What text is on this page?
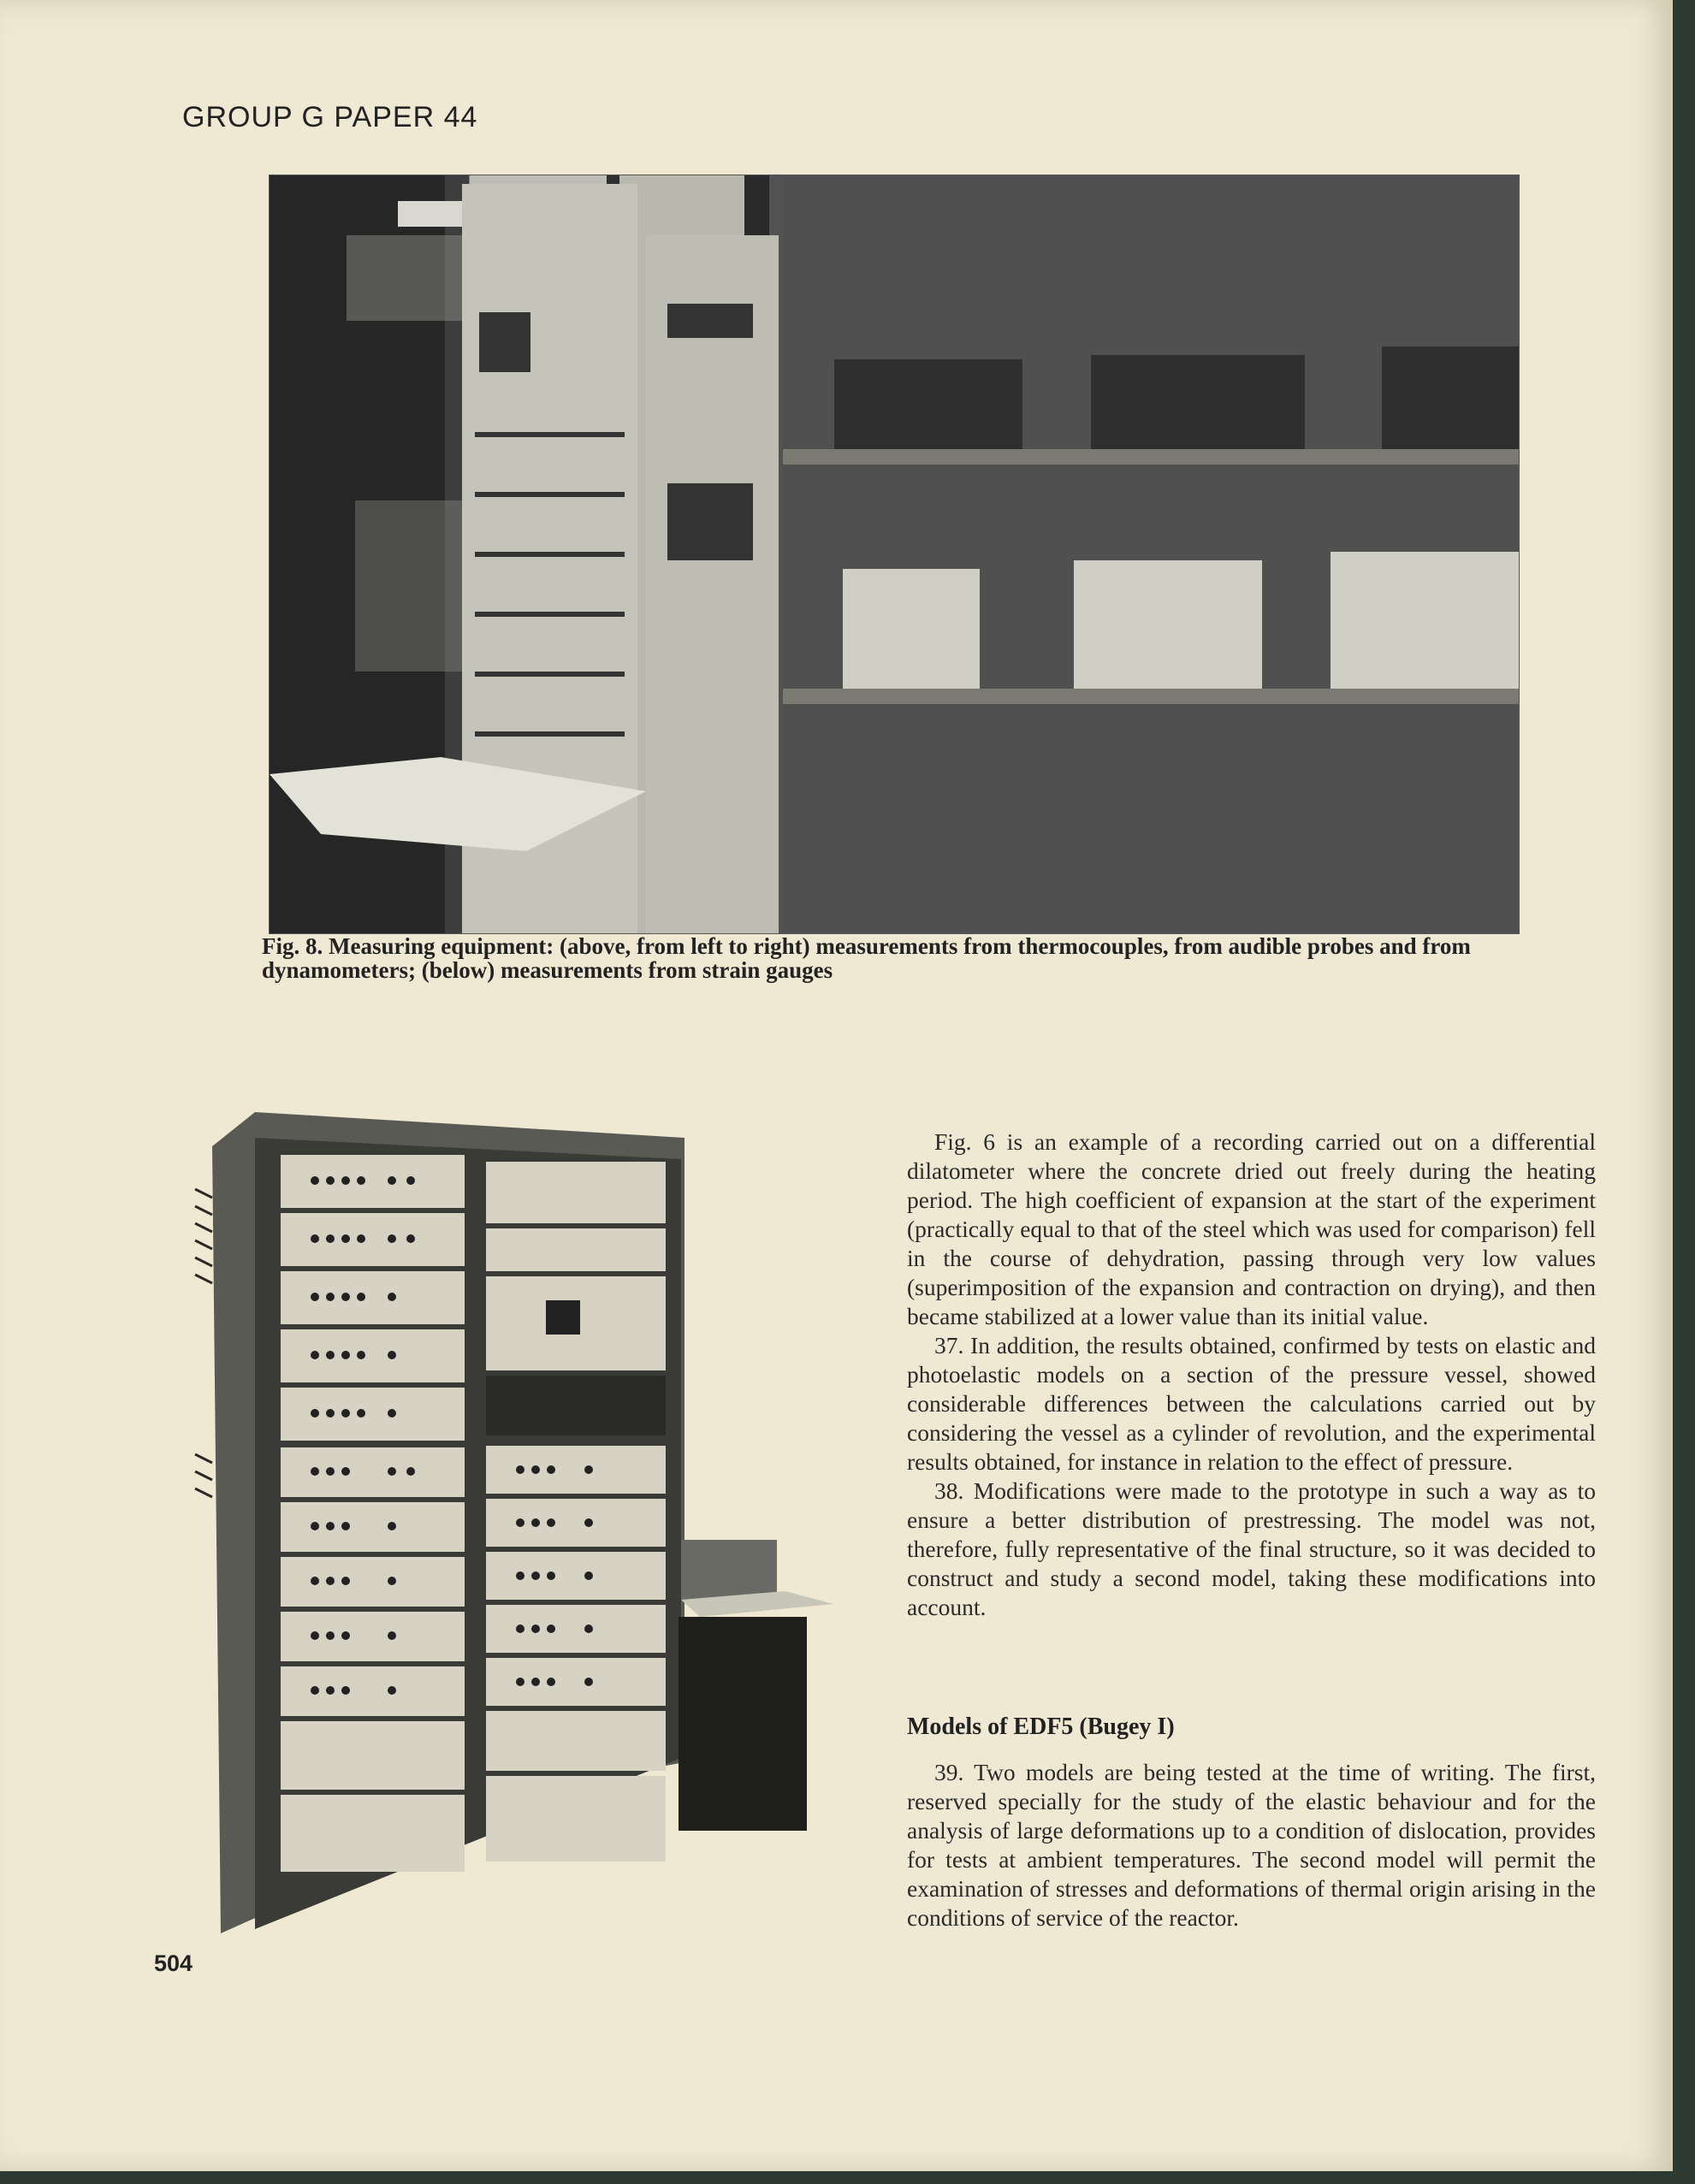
GROUP G PAPER 44
Fig. 8. Measuring equipment: (above, from left to right) measurements from thermocouples, from audible probes and from dynamometers; (below) measurements from strain gauges

Fig. 6 is an example of a recording carried out on a differential dilatometer where the concrete dried out freely during the heating period. The high coefficient of expansion at the start of the experiment (practically equal to that of the steel which was used for comparison) fell in the course of dehydration, passing through very low values (superimposition of the expansion and contraction on drying), and then became stabilized at a lower value than its initial value.

37. In addition, the results obtained, confirmed by tests on elastic and photoelastic models on a section of the pressure vessel, showed considerable differences between the calculations carried out by considering the vessel as a cylinder of revolution, and the experimental results obtained, for instance in relation to the effect of pressure.

38. Modifications were made to the prototype in such a way as to ensure a better distribution of prestressing. The model was not, therefore, fully representative of the final structure, so it was decided to construct and study a second model, taking these modifications into account.

Models of EDF5 (Bugey I)

39. Two models are being tested at the time of writing. The first, reserved specially for the study of the elastic behaviour and for the analysis of large deformations up to a condition of dislocation, provides for tests at ambient temperatures. The second model will permit the examination of stresses and deformations of thermal origin arising in the conditions of service of the reactor.

504
